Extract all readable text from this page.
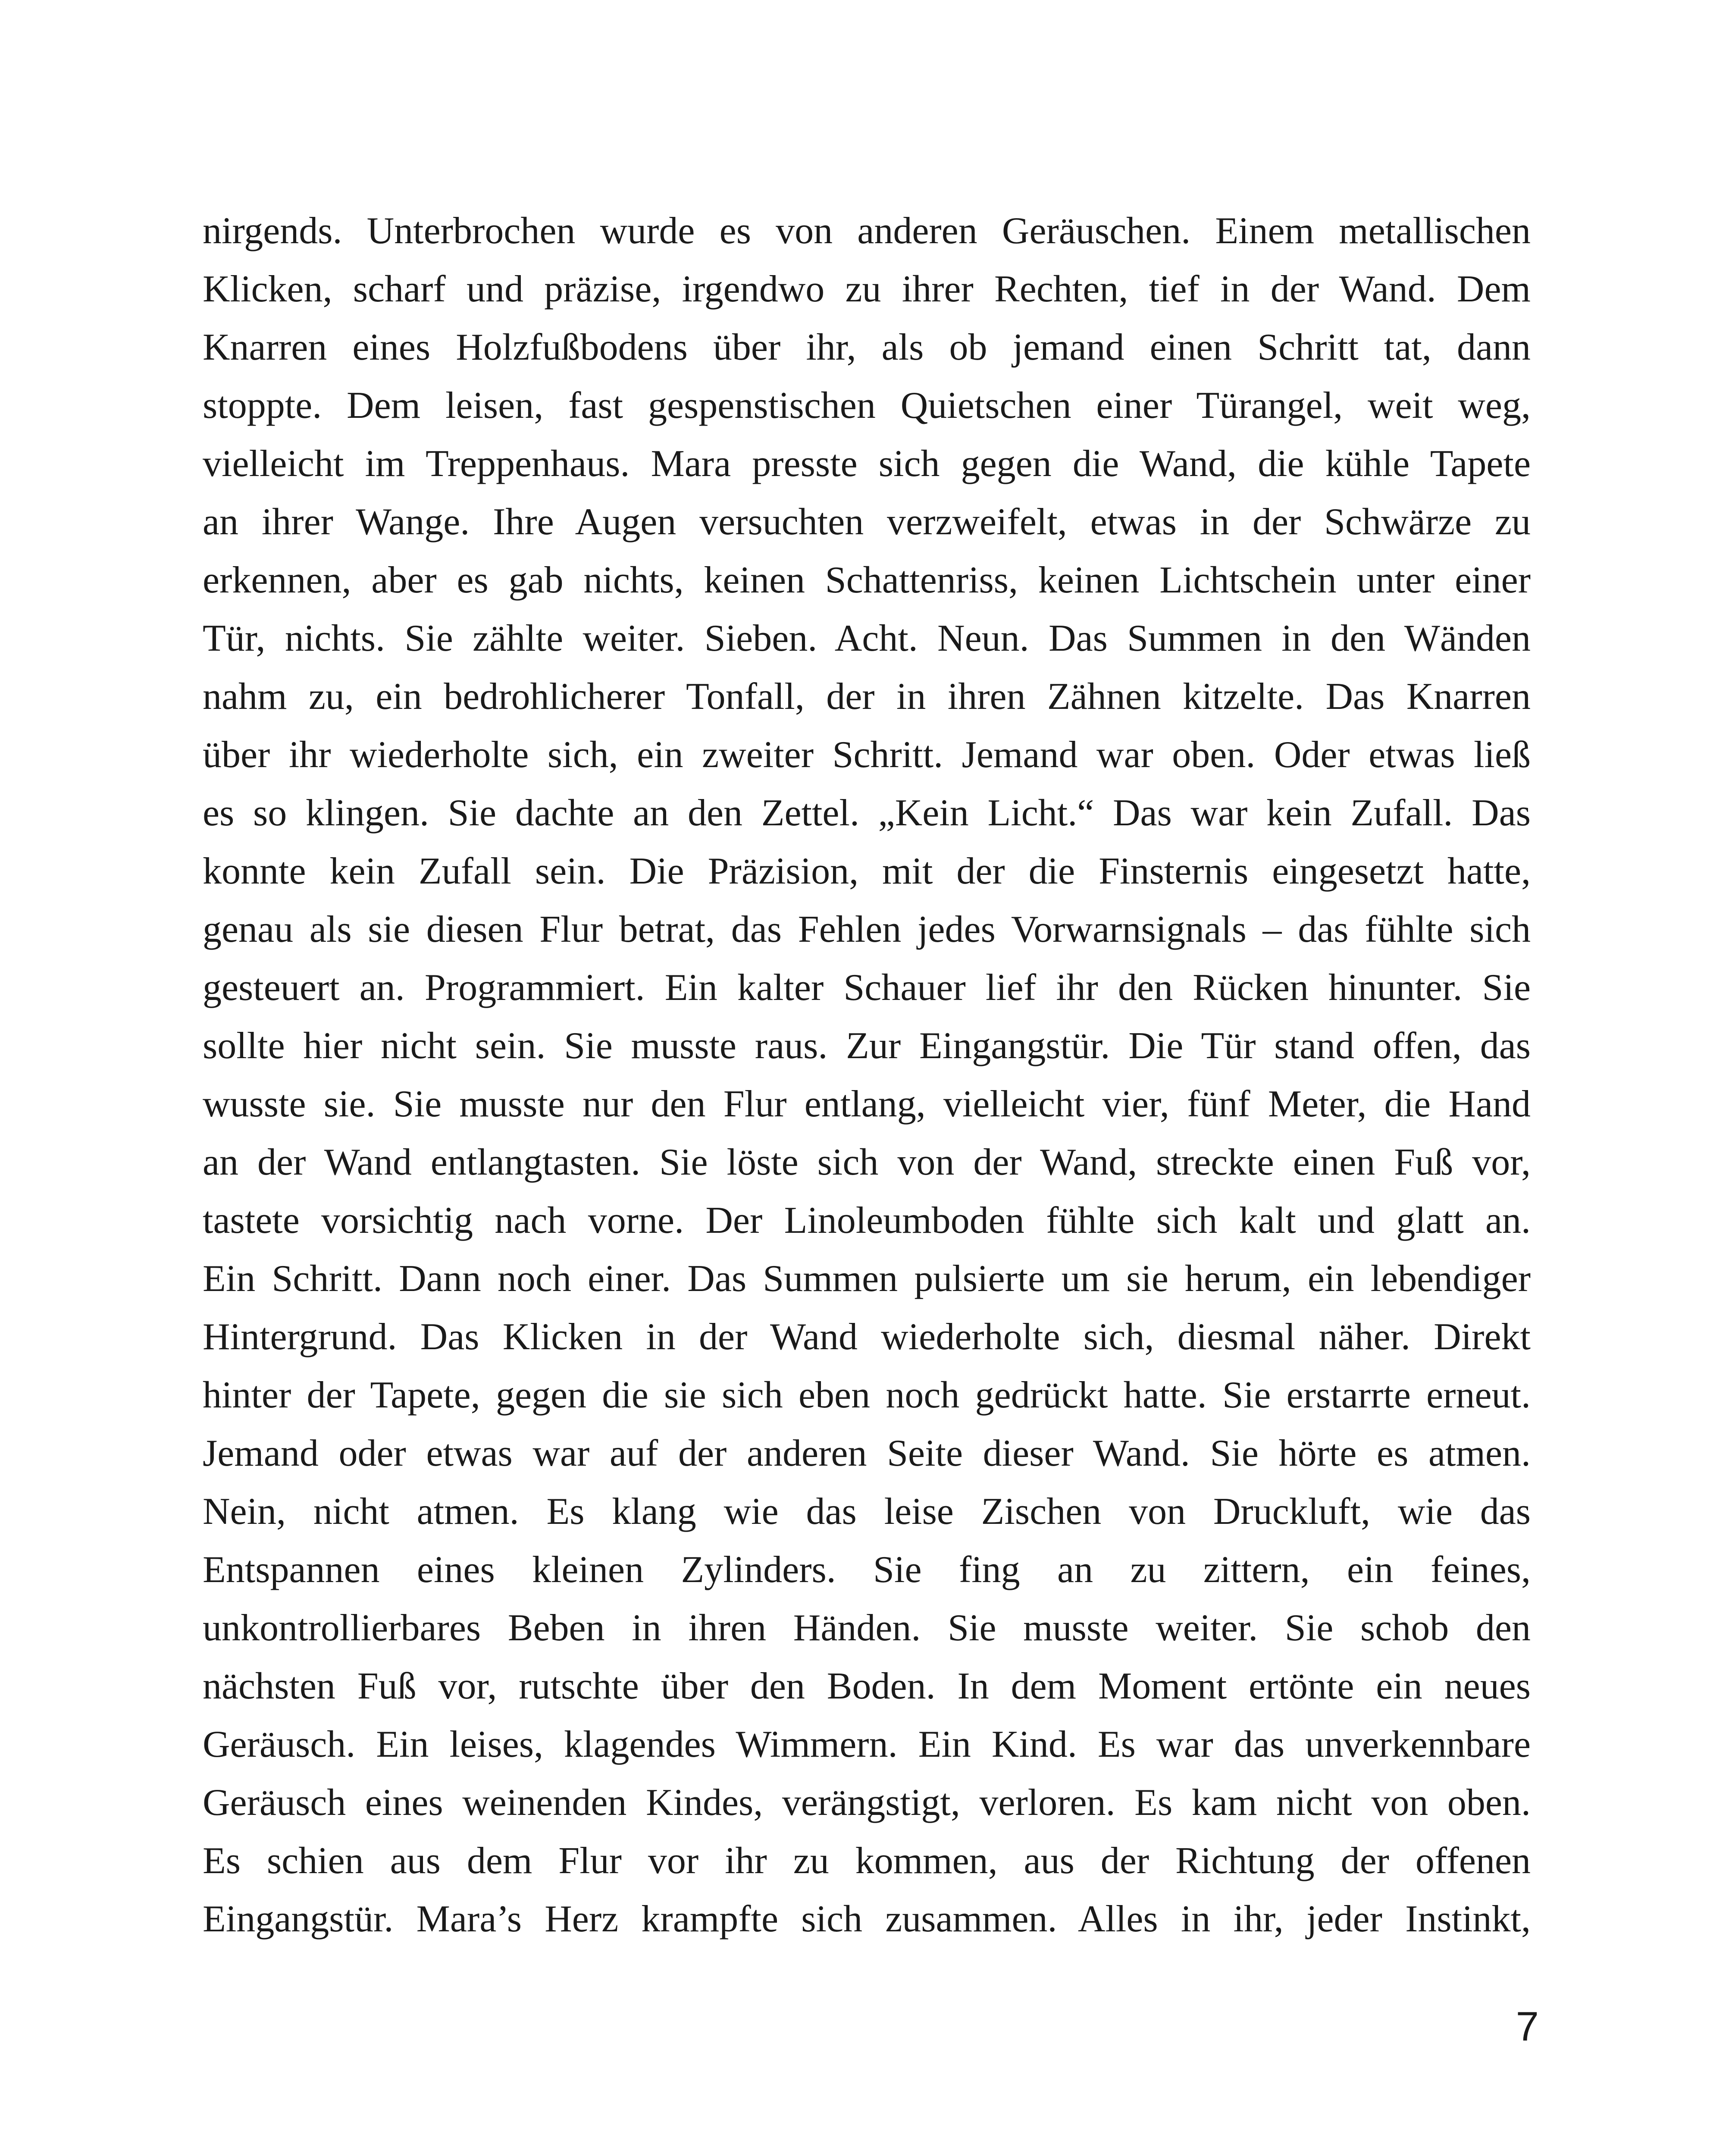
nirgends. Unterbrochen wurde es von anderen Geräuschen. Einem metallischen
Klicken, scharf und präzise, irgendwo zu ihrer Rechten, tief in der Wand. Dem
Knarren eines Holzfußbodens über ihr, als ob jemand einen Schritt tat, dann
stoppte. Dem leisen, fast gespenstischen Quietschen einer Türangel, weit weg,
vielleicht im Treppenhaus. Mara presste sich gegen die Wand, die kühle Tapete
an ihrer Wange. Ihre Augen versuchten verzweifelt, etwas in der Schwärze zu
erkennen, aber es gab nichts, keinen Schattenriss, keinen Lichtschein unter einer
Tür, nichts. Sie zählte weiter. Sieben. Acht. Neun. Das Summen in den Wänden
nahm zu, ein bedrohlicherer Tonfall, der in ihren Zähnen kitzelte. Das Knarren
über ihr wiederholte sich, ein zweiter Schritt. Jemand war oben. Oder etwas ließ
es so klingen. Sie dachte an den Zettel. „Kein Licht.“ Das war kein Zufall. Das
konnte kein Zufall sein. Die Präzision, mit der die Finsternis eingesetzt hatte,
genau als sie diesen Flur betrat, das Fehlen jedes Vorwarnsignals – das fühlte sich
gesteuert an. Programmiert. Ein kalter Schauer lief ihr den Rücken hinunter. Sie
sollte hier nicht sein. Sie musste raus. Zur Eingangstür. Die Tür stand offen, das
wusste sie. Sie musste nur den Flur entlang, vielleicht vier, fünf Meter, die Hand
an der Wand entlangtasten. Sie löste sich von der Wand, streckte einen Fuß vor,
tastete vorsichtig nach vorne. Der Linoleumboden fühlte sich kalt und glatt an.
Ein Schritt. Dann noch einer. Das Summen pulsierte um sie herum, ein lebendiger
Hintergrund. Das Klicken in der Wand wiederholte sich, diesmal näher. Direkt
hinter der Tapete, gegen die sie sich eben noch gedrückt hatte. Sie erstarrte erneut.
Jemand oder etwas war auf der anderen Seite dieser Wand. Sie hörte es atmen.
Nein, nicht atmen. Es klang wie das leise Zischen von Druckluft, wie das
Entspannen eines kleinen Zylinders. Sie fing an zu zittern, ein feines,
unkontrollierbares Beben in ihren Händen. Sie musste weiter. Sie schob den
nächsten Fuß vor, rutschte über den Boden. In dem Moment ertönte ein neues
Geräusch. Ein leises, klagendes Wimmern. Ein Kind. Es war das unverkennbare
Geräusch eines weinenden Kindes, verängstigt, verloren. Es kam nicht von oben.
Es schien aus dem Flur vor ihr zu kommen, aus der Richtung der offenen
Eingangstür. Mara’s Herz krampfte sich zusammen. Alles in ihr, jeder Instinkt,
7
